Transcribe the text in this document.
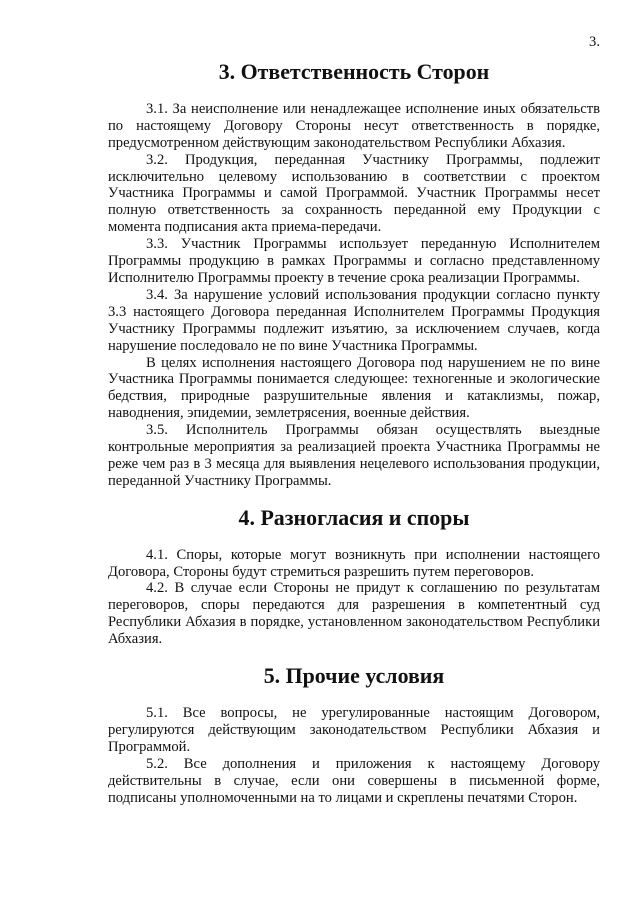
3.
3. Ответственность Сторон

3.1. За неисполнение или ненадлежащее исполнение иных обязательств по настоящему Договору Стороны несут ответственность в порядке, предусмотренном действующим законодательством Республики Абхазия.

3.2. Продукция, переданная Участнику Программы, подлежит исключительно целевому использованию в соответствии с проектом Участника Программы и самой Программой. Участник Программы несет полную ответственность за сохранность переданной ему Продукции с момента подписания акта приема-передачи.

3.3. Участник Программы использует переданную Исполнителем Программы продукцию в рамках Программы и согласно представленному Исполнителю Программы проекту в течение срока реализации Программы.

3.4. За нарушение условий использования продукции согласно пункту 3.3 настоящего Договора переданная Исполнителем Программы Продукция Участнику Программы подлежит изъятию, за исключением случаев, когда нарушение последовало не по вине Участника Программы.

В целях исполнения настоящего Договора под нарушением не по вине Участника Программы понимается следующее: техногенные и экологические бедствия, природные разрушительные явления и катаклизмы, пожар, наводнения, эпидемии, землетрясения, военные действия.

3.5. Исполнитель Программы обязан осуществлять выездные контрольные мероприятия за реализацией проекта Участника Программы не реже чем раз в 3 месяца для выявления нецелевого использования продукции, переданной Участнику Программы.

4. Разногласия и споры

4.1. Споры, которые могут возникнуть при исполнении настоящего Договора, Стороны будут стремиться разрешить путем переговоров.

4.2. В случае если Стороны не придут к соглашению по результатам переговоров, споры передаются для разрешения в компетентный суд Республики Абхазия в порядке, установленном законодательством Республики Абхазия.

5. Прочие условия

5.1. Все вопросы, не урегулированные настоящим Договором, регулируются действующим законодательством Республики Абхазия и Программой.

5.2. Все дополнения и приложения к настоящему Договору действительны в случае, если они совершены в письменной форме, подписаны уполномоченными на то лицами и скреплены печатями Сторон.
